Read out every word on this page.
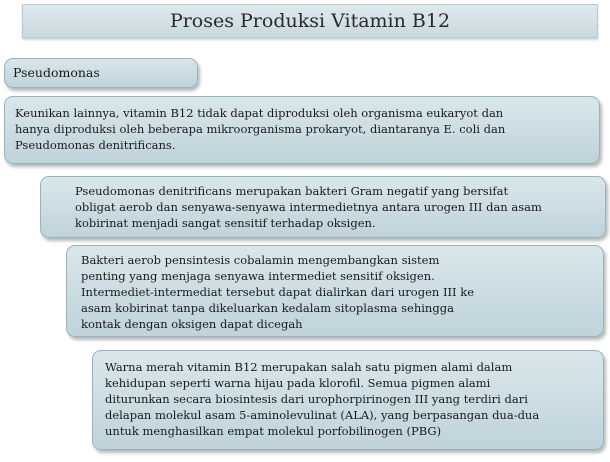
Proses Produksi Vitamin B12
Pseudomonas
Keunikan lainnya, vitamin B12 tidak dapat diproduksi oleh organisma eukaryot dan
hanya diproduksi oleh beberapa mikroorganisma prokaryot, diantaranya E. coli dan
Pseudomonas denitrificans.
Pseudomonas denitrificans merupakan bakteri Gram negatif yang bersifat
obligat aerob dan senyawa-senyawa intermedietnya antara urogen III dan asam
kobirinat menjadi sangat sensitif terhadap oksigen.
Bakteri aerob pensintesis cobalamin mengembangkan sistem
penting yang menjaga senyawa intermediet sensitif oksigen.
Intermediet-intermediat tersebut dapat dialirkan dari urogen III ke
asam kobirinat tanpa dikeluarkan kedalam sitoplasma sehingga
kontak dengan oksigen dapat dicegah
Warna merah vitamin B12 merupakan salah satu pigmen alami dalam
kehidupan seperti warna hijau pada klorofil. Semua pigmen alami
diturunkan secara biosintesis dari urophorpirinogen III yang terdiri dari
delapan molekul asam 5-aminolevulinat (ALA), yang berpasangan dua-dua
untuk menghasilkan empat molekul porfobilinogen (PBG)
